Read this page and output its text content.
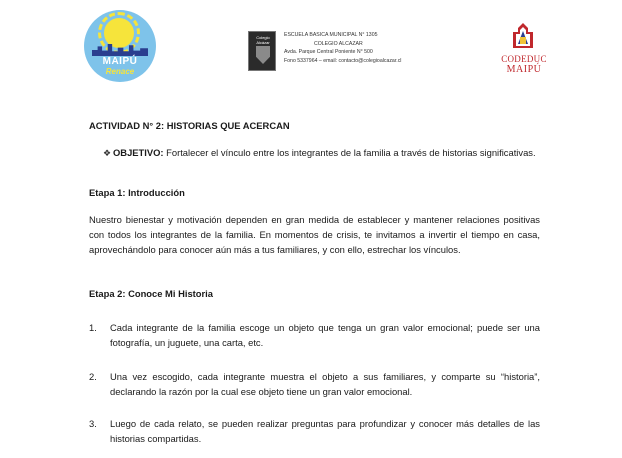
MAIPÚ
Renace
Colegio Alcázar
ESCUELA BASICA MUNICIPAL N° 1305
COLEGIO ALCAZAR
Avda. Parque Central Poniente N° 500
Fono 5337964 – email: contacto@colegioalcazar.cl	CODEDUC
MAIPÚ
ACTIVIDAD N° 2: HISTORIAS QUE ACERCAN
❖ OBJETIVO: Fortalecer el vínculo entre los integrantes de la familia a través de historias significativas.
Etapa 1: Introducción
Nuestro bienestar y motivación dependen en gran medida de establecer y mantener relaciones positivas con todos los integrantes de la familia. En momentos de crisis, te invitamos a invertir el tiempo en casa, aprovechándolo para conocer aún más a tus familiares, y con ello, estrechar los vínculos.
Etapa 2: Conoce Mi Historia
1. Cada integrante de la familia escoge un objeto que tenga un gran valor emocional; puede ser una fotografía, un juguete, una carta, etc.
2. Una vez escogido, cada integrante muestra el objeto a sus familiares, y comparte su “historia”, declarando la razón por la cual ese objeto tiene un gran valor emocional.
3. Luego de cada relato, se pueden realizar preguntas para profundizar y conocer más detalles de las historias compartidas.
